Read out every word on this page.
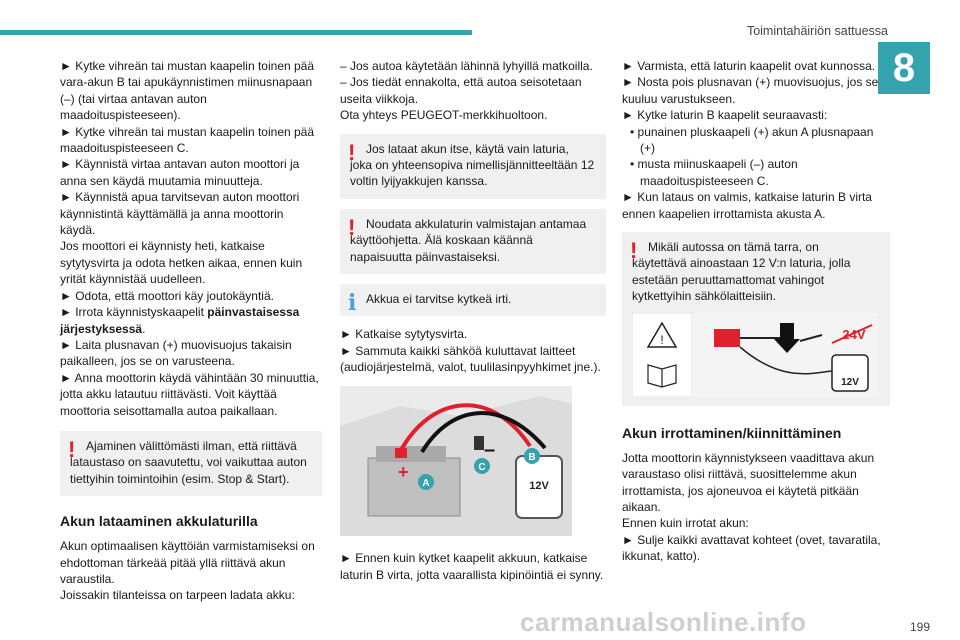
Toimintahäiriön sattuessa
8

► Kytke vihreän tai mustan kaapelin toinen pää vara-akun B tai apukäynnistimen miinusnapaan (–) (tai virtaa antavan auton maadoituspisteeseen).

► Kytke vihreän tai mustan kaapelin toinen pää maadoituspisteeseen C.

► Käynnistä virtaa antavan auton moottori ja anna sen käydä muutamia minuutteja.

► Käynnistä apua tarvitsevan auton moottori käynnistintä käyttämällä ja anna moottorin käydä.

Jos moottori ei käynnisty heti, katkaise sytytysvirta ja odota hetken aikaa, ennen kuin yrität käynnistää uudelleen.

► Odota, että moottori käy joutokäyntiä.

► Irrota käynnistyskaapelit päinvastaisessa järjestyksessä.

► Laita plusnavan (+) muovisuojus takaisin paikalleen, jos se on varusteena.

► Anna moottorin käydä vähintään 30 minuuttia, jotta akku latautuu riittävästi. Voit käyttää moottoria seisottamalla autoa paikallaan.

! Ajaminen välittömästi ilman, että riittävä

lataustaso on saavutettu, voi vaikuttaa auton tiettyihin toimintoihin (esim. Stop & Start).

Akun lataaminen akkulaturilla

Akun optimaalisen käyttöiän varmistamiseksi on ehdottoman tärkeää pitää yllä riittävä akun varaustila.

Joissakin tilanteissa on tarpeen ladata akku:

– Jos autoa käytetään lähinnä lyhyillä matkoilla.

– Jos tiedät ennakolta, että autoa seisotetaan useita viikkoja.

Ota yhteys PEUGEOT-merkkihuoltoon.

! Jos lataat akun itse, käytä vain laturia,

joka on yhteensopiva nimellisjännitteeltään 12 voltin lyijyakkujen kanssa.

! Noudata akkulaturin valmistajan antamaa

käyttöohjetta. Älä koskaan käännä napaisuutta päinvastaiseksi.

i Akkua ei tarvitse kytkeä irti.

► Katkaise sytytysvirta.

► Sammuta kaikki sähköä kuluttavat laitteet (audiojärjestelmä, valot, tuulilasinpyyhkimet jne.).

B
12V
A
C
+
–

► Ennen kuin kytket kaapelit akkuun, katkaise laturin B virta, jotta vaarallista kipinöintiä ei synny.

► Varmista, että laturin kaapelit ovat kunnossa.

► Nosta pois plusnavan (+) muovisuojus, jos se kuuluu varustukseen.

► Kytke laturin B kaapelit seuraavasti:

• punainen pluskaapeli (+) akun A plusnapaan (+)

• musta miinuskaapeli (–) auton maadoituspisteeseen C.

► Kun lataus on valmis, katkaise laturin B virta ennen kaapelien irrottamista akusta A.

! Mikäli autossa on tämä tarra, on

käytettävä ainoastaan 12 V:n laturia, jolla estetään peruuttamattomat vahingot kytkettyihin sähkölaitteisiin.

!	24V
12V
Akun irrottaminen/kiinnittäminen

Jotta moottorin käynnistykseen vaadittava akun varaustaso olisi riittävä, suosittelemme akun irrottamista, jos ajoneuvoa ei käytetä pitkään aikaan.

Ennen kuin irrotat akun:

► Sulje kaikki avattavat kohteet (ovet, tavaratila, ikkunat, katto).

carmanualsonline.info	199
